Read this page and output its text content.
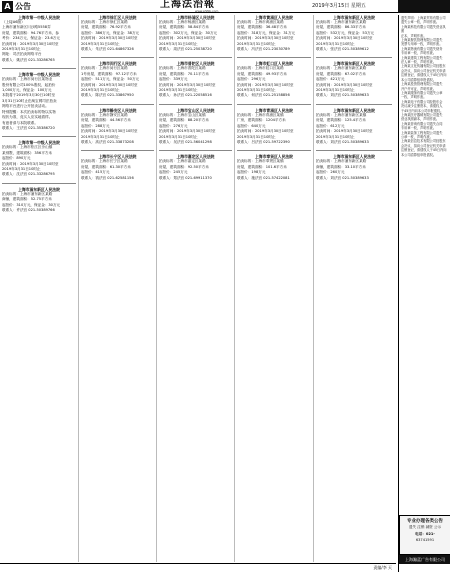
A 公告	上海法治報
www.shfzb.com
2019年3月15日 星期五
上海市第一中级人民法院

（上接A6版）

上海市浦东新区川沙路5558弄

房屋，建筑面积：94.76平方米，参

考价：234万元，保证金：23.6万元

拍卖时间：2019年3月30日10时至

2019年3月31日10时止

网址：司法拍卖网络平台

联系人：姚法官 021-33286765

上海市第一中级人民法院

拍卖标的：上海市闵行区某物业

股份有限公司100%股权，起拍价

1,000万元，保证金：100万元

本院将于2019年3月30日10时至

3月31日10时止在淘宝网司法拍卖

网络平台进行公开拍卖活动。

特别提醒：本次拍卖标的物以实物

现状为准，竞买人应实地看样。

有意者请与本院联系。

联系人：王法官 021-35386720

上海市第一中级人民法院

拍卖标的：上海市松江区佘山镇

某别墅，建筑面积：356平方米

起拍价：890万元

拍卖时间：2019年3月30日10时至

2019年3月31日10时止

联系人：沈法官 021-33286795

上海市浦东新区人民法院

拍卖标的：上海市浦东新区某路

商铺，建筑面积：52.75平方米

起拍价：310万元，保证金：30万元

联系人：许法官 021-50389766

上海市徐汇区人民法院

拍卖标的：上海市徐汇区某路

房屋，建筑面积：76.92平方米

起拍价：386万元，保证金：38万元

拍卖时间：2019年3月30日10时至

2019年3月31日10时止

联系人：朱法官 021-64867326

上海市闵行区人民法院

拍卖标的：上海市闵行区某路

1号房屋，建筑面积：97.12平方米

起拍价：511万元，保证金：50万元

拍卖时间：2019年3月30日10时至

2019年3月31日10时止

联系人：陈法官 021-33867950

上海市静安区人民法院

拍卖标的：上海市静安区某路

房屋，建筑面积：44.56平方米

起拍价：288万元

拍卖时间：2019年3月30日10时至

2019年3月31日10时止

联系人：高法官 021-33873208

上海市长宁区人民法院

拍卖标的：上海市长宁区某路

房屋，建筑面积：61.30平方米

起拍价：415万元

联系人：钱法官 021-62581156

上海市杨浦区人民法院

拍卖标的：上海市杨浦区某路

房屋，建筑面积：58.84平方米

起拍价：302万元，保证金：30万元

拍卖时间：2019年3月30日10时至

2019年3月31日10时止

联系人：周法官 021-25038720

上海市普陀区人民法院

拍卖标的：上海市普陀区某路

房屋，建筑面积：70.11平方米

起拍价：339万元

拍卖时间：2019年3月30日10时至

2019年3月31日10时止

联系人：孙法官 021-22058516

上海市宝山区人民法院

拍卖标的：上海市宝山区某镇

房屋，建筑面积：88.20平方米

起拍价：276万元

拍卖时间：2019年3月30日10时至

2019年3月31日10时止

联系人：吴法官 021-56041298

上海市嘉定区人民法院

拍卖标的：上海市嘉定区某路

房屋，建筑面积：92.50平方米

起拍价：245万元

联系人：郑法官 021-69911370

上海市黄浦区人民法院

拍卖标的：上海市黄浦区某路

房屋，建筑面积：36.48平方米

起拍价：318万元，保证金：31万元

拍卖时间：2019年3月30日10时至

2019年3月31日10时止

联系人：冯法官 021-23030789

上海市虹口区人民法院

拍卖标的：上海市虹口区某路

房屋，建筑面积：49.93平方米

起拍价：296万元

拍卖时间：2019年3月30日10时至

2019年3月31日10时止

联系人：何法官 021-25158856

上海市青浦区人民法院

拍卖标的：上海市青浦区某镇

厂房，建筑面积：1204平方米

起拍价：640万元

拍卖时间：2019年3月30日10时至

2019年3月31日10时止

联系人：吕法官 021-59722390

上海市奉贤区人民法院

拍卖标的：上海市奉贤区某镇

房屋，建筑面积：101.6平方米

起拍价：198万元

联系人：施法官 021-57422081

上海市浦东新区人民法院

拍卖标的：上海市浦东新区某路

房屋，建筑面积：86.33平方米

起拍价：532万元，保证金：53万元

拍卖时间：2019年3月30日10时至

2019年3月31日10时止

联系人：张法官 021-50389612

上海市浦东新区人民法院

拍卖标的：上海市浦东新区某路

房屋，建筑面积：67.02平方米

起拍价：421万元

拍卖时间：2019年3月30日10时至

2019年3月31日10时止

联系人：刘法官 021-50389633

上海市浦东新区人民法院

拍卖标的：上海市浦东新区某镇

房屋，建筑面积：125.4平方米

起拍价：612万元

拍卖时间：2019年3月30日10时至

2019年3月31日10时止

联系人：刘法官 021-50389633

上海市浦东新区人民法院

拍卖标的：上海市浦东新区某路

商铺，建筑面积：33.10平方米

起拍价：260万元

联系人：刘法官 021-50389633

遗失声明：上海某贸易有限公司

遗失公章一枚，声明作废。

上海某科技有限公司遗失营业执照

正本，声明作废。

上海某餐饮管理有限公司遗失

发票专用章一枚，声明作废。

上海某物流有限公司遗失财务

专用章一枚，声明作废。

上海某建筑工程有限公司遗失

法人章一枚，声明作废。

上海某文化传播有限公司经股东

会决议，拟向公司登记机关申请

注销登记，请债权人于45日内向

本公司清算组申报债权。

上海某投资管理有限公司遗失

开户许可证，声明作废。

上海某服饰有限公司遗失公章

一枚，声明作废。

上海某电子有限公司经股东会

决议减少注册资本，请债权人

于45日内向本公司申报债权。

上海某医疗器械有限公司遗失

营业执照副本，声明作废。

上海某咨询有限公司遗失合同

专用章一枚，声明作废。

上海某装饰工程有限公司遗失

公章一枚，声明作废。

上海某信息技术有限公司经股东

会决议，拟向公司登记机关申请

注销登记，请债权人于45日内向

本公司清算组申报债权。

专业办理各类公告
遗失 注销 减资 公示
电话：021-
63741591
上海瀚蓝广告有限公司
责编/李 天
